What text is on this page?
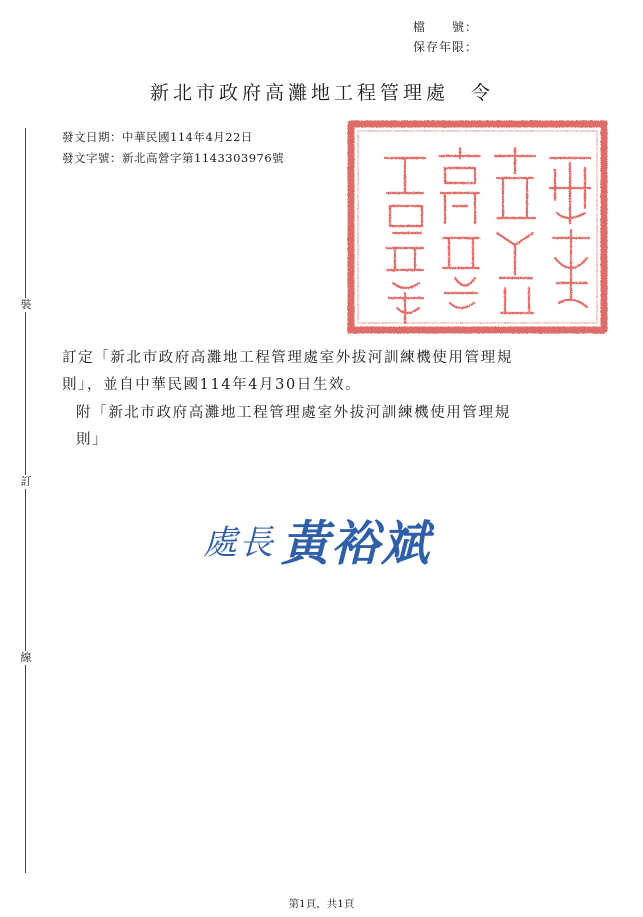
檔　　號：
保存年限：
新北市政府高灘地工程管理處 令
發文日期：中華民國114年4月22日
發文字號：新北高營字第1143303976號
裝
訂
線
訂定「新北市政府高灘地工程管理處室外拔河訓練機使用管理規
則」，並自中華民國114年4月30日生效。
附「新北市政府高灘地工程管理處室外拔河訓練機使用管理規
則」
處長 黃裕斌
第1頁，共1頁
